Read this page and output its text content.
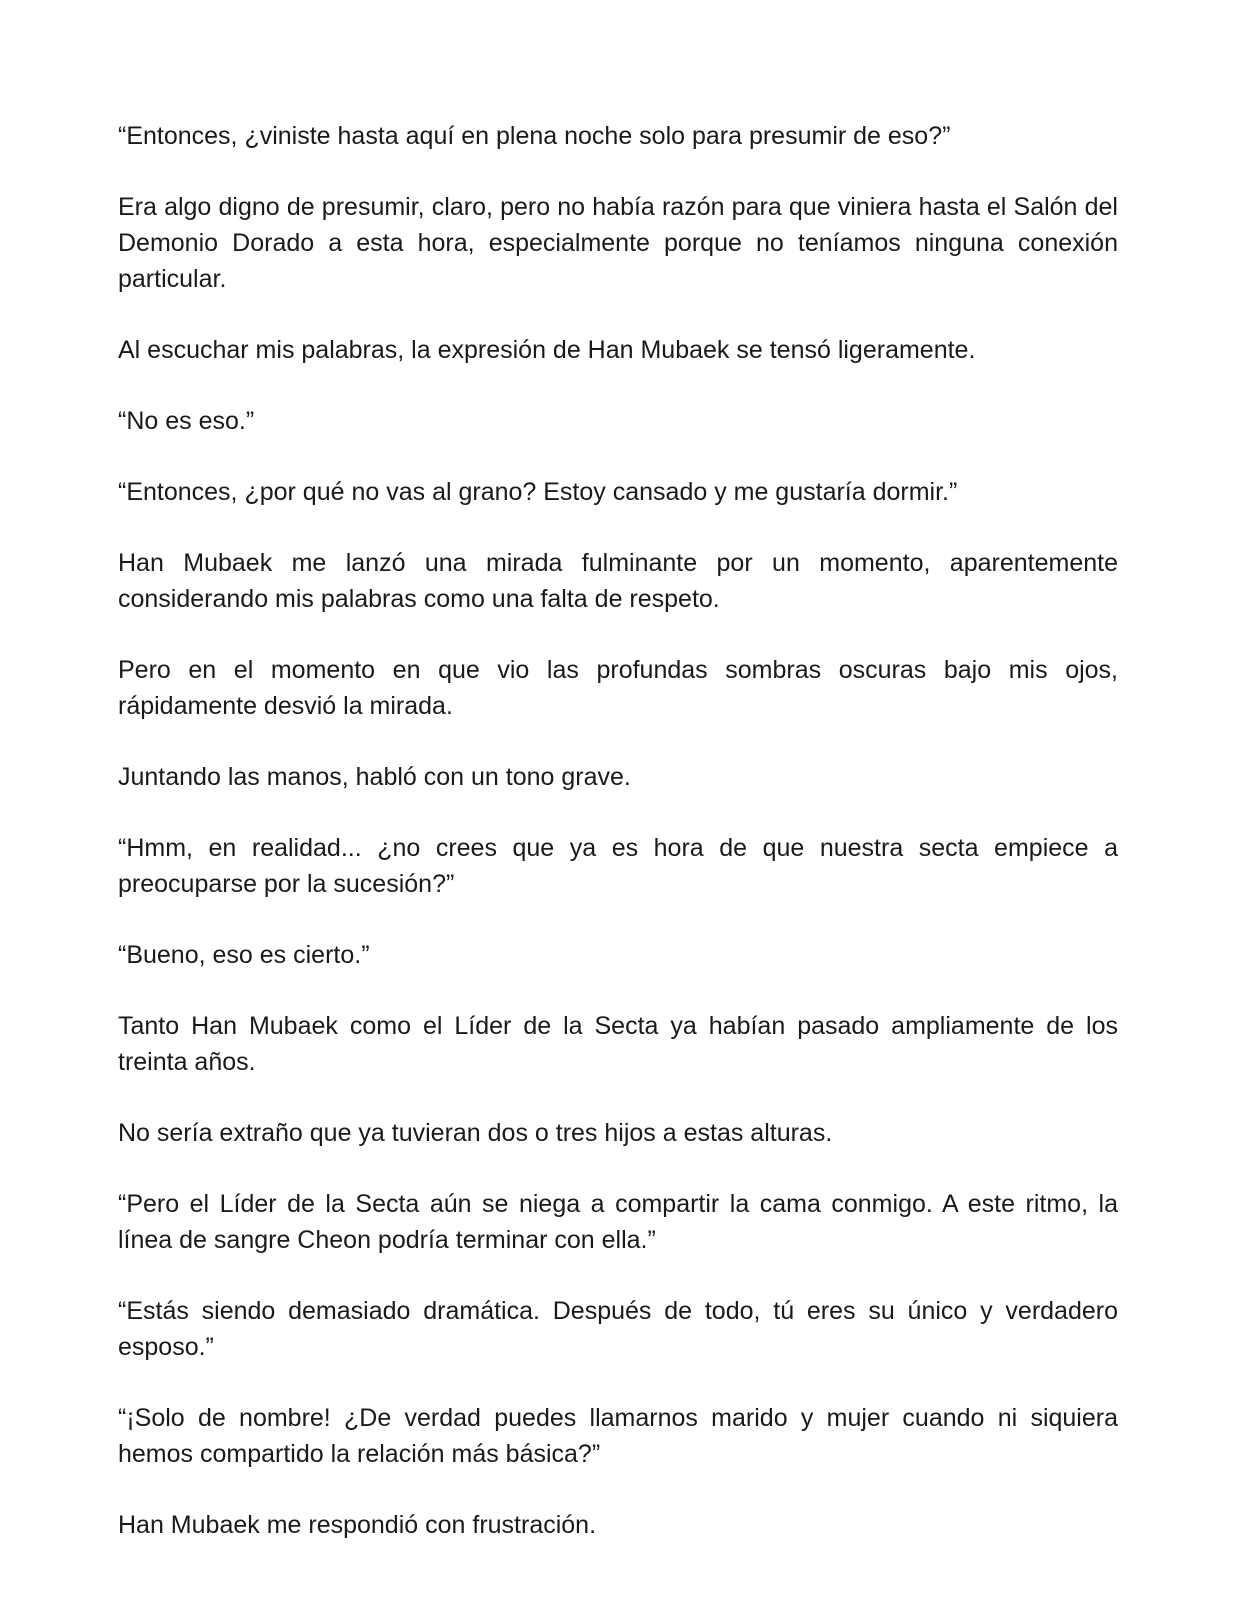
“Entonces, ¿viniste hasta aquí en plena noche solo para presumir de eso?”

Era algo digno de presumir, claro, pero no había razón para que viniera hasta el Salón del Demonio Dorado a esta hora, especialmente porque no teníamos ninguna conexión particular.

Al escuchar mis palabras, la expresión de Han Mubaek se tensó ligeramente.

“No es eso.”

“Entonces, ¿por qué no vas al grano? Estoy cansado y me gustaría dormir.”

Han Mubaek me lanzó una mirada fulminante por un momento, aparentemente considerando mis palabras como una falta de respeto.

Pero en el momento en que vio las profundas sombras oscuras bajo mis ojos, rápidamente desvió la mirada.

Juntando las manos, habló con un tono grave.

“Hmm, en realidad... ¿no crees que ya es hora de que nuestra secta empiece a preocuparse por la sucesión?”

“Bueno, eso es cierto.”

Tanto Han Mubaek como el Líder de la Secta ya habían pasado ampliamente de los treinta años.

No sería extraño que ya tuvieran dos o tres hijos a estas alturas.

“Pero el Líder de la Secta aún se niega a compartir la cama conmigo. A este ritmo, la línea de sangre Cheon podría terminar con ella.”

“Estás siendo demasiado dramática. Después de todo, tú eres su único y verdadero esposo.”

“¡Solo de nombre! ¿De verdad puedes llamarnos marido y mujer cuando ni siquiera hemos compartido la relación más básica?”

Han Mubaek me respondió con frustración.
